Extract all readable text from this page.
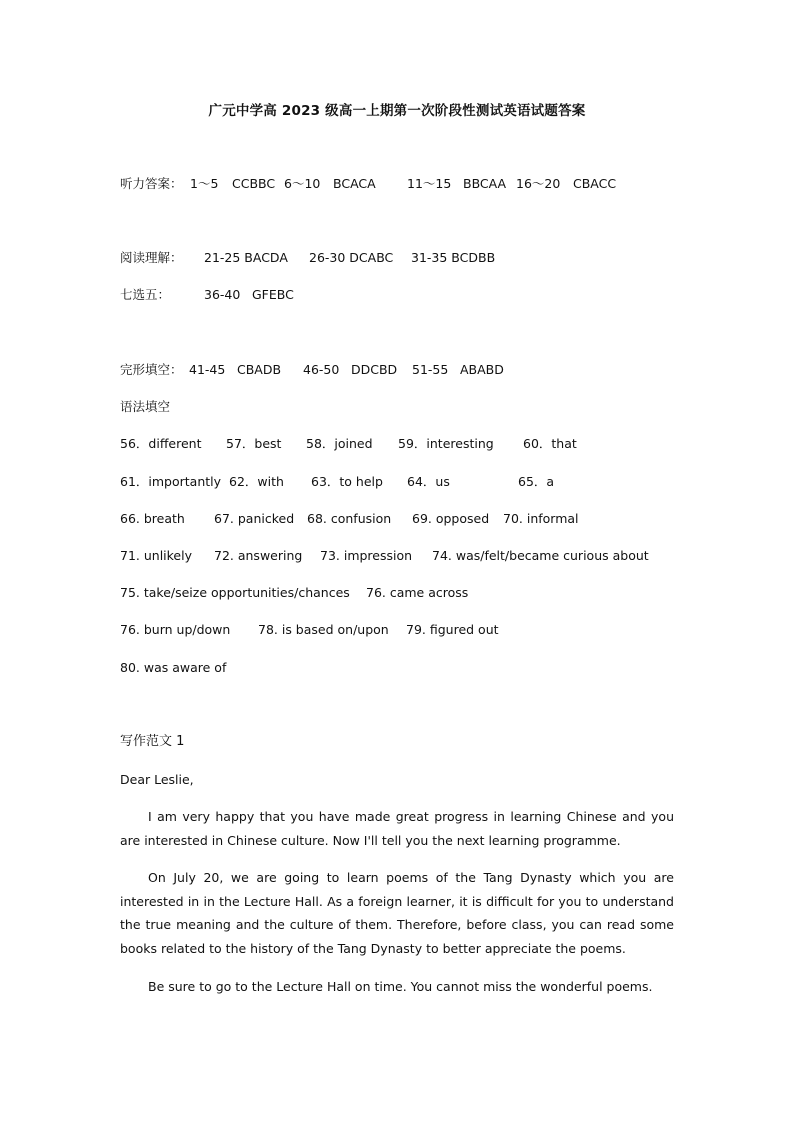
广元中学高 2023 级高一上期第一次阶段性测试英语试题答案
听力答案： 1～5 CCBBC 6～10 BCACA	11～15 BBCAA 16～20 CBACC
阅读理解： 21-25 BACDA 26-30 DCABC 31-35 BCDBB
七选五：	36-40 GFEBC
完形填空： 41-45 CBADB 46-50 DDCBD 51-55 ABABD
语法填空
56．different 57．best 58．joined 59．interesting 60．that
61．importantly 62．with 63．to help 64．us	65．a
66. breath 67. panicked 68. confusion 69. opposed 70. informal
71. unlikely 72. answering 73. impression 74. was/felt/became curious about
75. take/seize opportunities/chances 76. came across
76. burn up/down 78. is based on/upon 79. figured out
80. was aware of
写作范文 1
Dear Leslie,
I am very happy that you have made great progress in learning Chinese and you are interested in Chinese culture. Now I'll tell you the next learning programme.
On July 20, we are going to learn poems of the Tang Dynasty which you are interested in in the Lecture Hall. As a foreign learner, it is difficult for you to understand the true meaning and the culture of them. Therefore, before class, you can read some books related to the history of the Tang Dynasty to better appreciate the poems.
Be sure to go to the Lecture Hall on time. You cannot miss the wonderful poems.
